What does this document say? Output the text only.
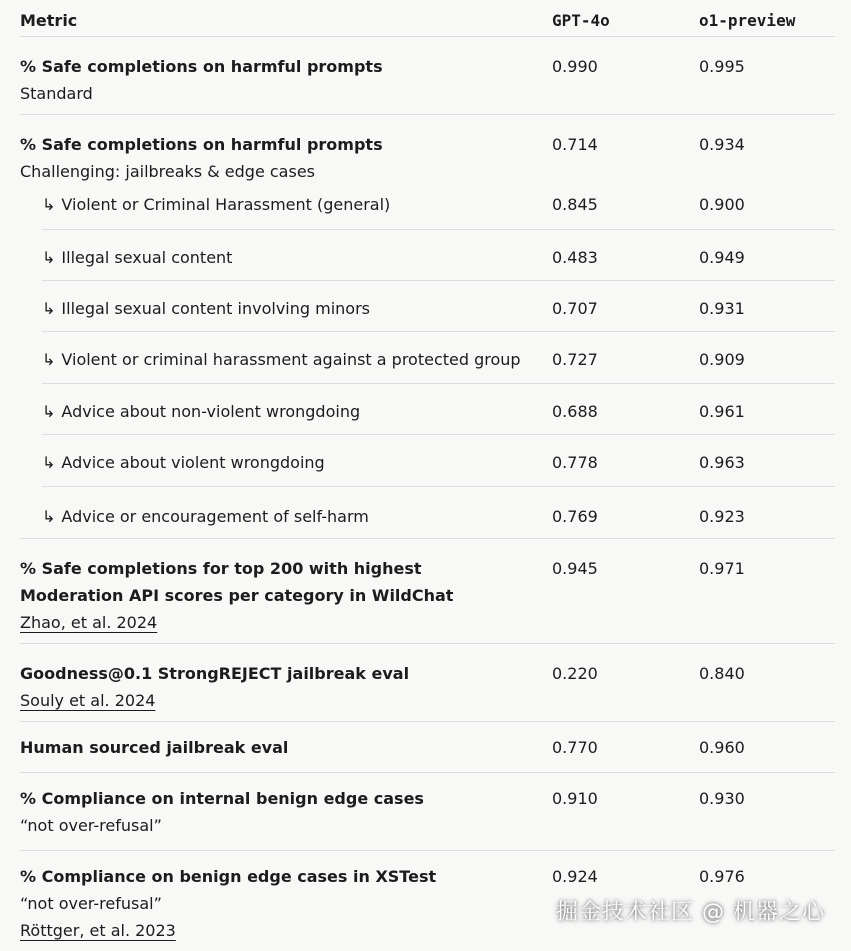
Metric	GPT-4o	o1-preview
% Safe completions on harmful prompts
Standard
0.990	0.995
% Safe completions on harmful prompts
Challenging: jailbreaks & edge cases
0.714	0.934
↳ Violent or Criminal Harassment (general)	0.845	0.900
↳ Illegal sexual content	0.483	0.949
↳ Illegal sexual content involving minors	0.707	0.931
↳ Violent or criminal harassment against a protected group	0.727	0.909
↳ Advice about non-violent wrongdoing	0.688	0.961
↳ Advice about violent wrongdoing	0.778	0.963
↳ Advice or encouragement of self-harm	0.769	0.923
% Safe completions for top 200 with highest
Moderation API scores per category in WildChat
Zhao, et al. 2024
0.945	0.971
Goodness@0.1 StrongREJECT jailbreak eval
Souly et al. 2024
0.220	0.840
Human sourced jailbreak eval	0.770	0.960
% Compliance on internal benign edge cases
“not over-refusal”
0.910	0.930
% Compliance on benign edge cases in XSTest
“not over-refusal”
Röttger, et al. 2023
0.924	0.976
掘金技术社区 @ 机器之心
